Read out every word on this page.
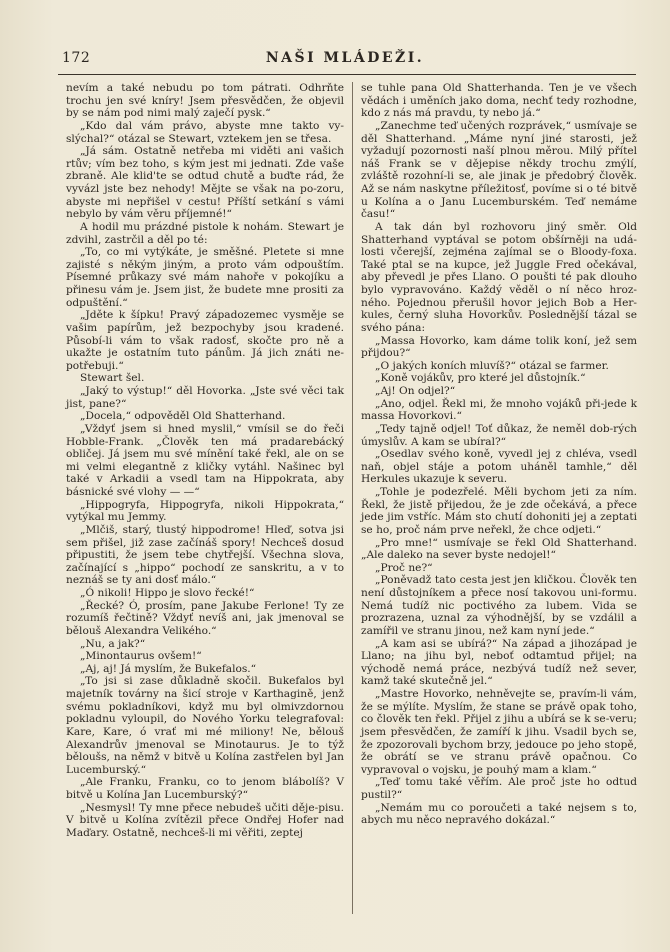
172	NAŠI MLÁDEŽI.

nevím a také nebudu po tom pátrati. Odhrňte trochu jen své kníry! Jsem přesvědčen, že objevil by se nám pod nimi malý zaječí pysk.“

„Kdo dal vám právo, abyste mne takto vy-slýchal?“ otázal se Stewart, vztekem jen se třesa.

„Já sám. Ostatně netřeba mi viděti ani vašich rtův; vím bez toho, s kým jest mi jednati. Zde vaše zbraně. Ale klid'te se odtud chutě a buďte rád, že vyvázl jste bez nehody! Mějte se však na po-zoru, abyste mi nepřišel v cestu! Příští setkání s vámi nebylo by vám věru příjemné!“

A hodil mu prázdné pistole k nohám. Stewart je zdvihl, zastrčil a děl po té:

„To, co mi vytýkáte, je směšné. Pletete si mne zajisté s někým jiným, a proto vám odpouštím. Písemné průkazy své mám nahoře v pokojíku a přinesu vám je. Jsem jist, že budete mne prositi za odpuštění.“

„Jděte k šípku! Pravý západozemec vysměje se vašim papírům, jež bezpochyby jsou kradené. Působí-li vám to však radosť, skočte pro ně a ukažte je ostatním tuto pánům. Já jich znáti ne-potřebuji.“

Stewart šel.

„Jaký to výstup!“ děl Hovorka. „Jste své věci tak jist, pane?“

„Docela,“ odpověděl Old Shatterhand.

„Vždyť jsem si hned myslil,“ vmísil se do řeči Hobble-Frank. „Člověk ten má pradarebácký obličej. Já jsem mu své mínění také řekl, ale on se mi velmi elegantně z kličky vytáhl. Našinec byl také v Arkadii a vsedl tam na Hippokrata, aby básnické své vlohy — —“

„Hippogryfa, Hippogryfa, nikoli Hippokrata,“ vytýkal mu Jemmy.

„Mlčiš, starý, tlustý hippodrome! Hleď, sotva jsi sem přišel, již zase začínáš spory! Nechceš dosud připustiti, že jsem tebe chytřejší. Všechna slova, začínající s „hippo“ pochodí ze sanskritu, a v to neznáš se ty ani dosť málo.“

„Ó nikoli! Hippo je slovo řecké!“

„Řecké? Ó, prosím, pane Jakube Ferlone! Ty ze rozumíš řečtině? Vždyť nevíš ani, jak jmenoval se bělouš Alexandra Velikého.“

„Nu, a jak?“

„Minontaurus ovšem!“

„Aj, aj! Já myslím, že Bukefalos.“

„To jsi si zase důkladně skočil. Bukefalos byl majetník továrny na šicí stroje v Karthagině, jenž svému pokladníkovi, když mu byl olmivzdornou pokladnu vyloupil, do Nového Yorku telegrafoval: Kare, Kare, ó vrať mi mé miliony! Ne, bělouš Alexandrův jmenoval se Minotaurus. Je to týž běloušs, na němž v bitvě u Kolína zastřelen byl Jan Lucemburský.“

„Ale Franku, Franku, co to jenom blábolíš? V bitvě u Kolína Jan Lucemburský?“

„Nesmysl! Ty mne přece nebudeš učiti děje-pisu. V bitvě u Kolína zvítězil přece Ondřej Hofer nad Maďary. Ostatně, nechceš-li mi věřiti, zeptej

se tuhle pana Old Shatterhanda. Ten je ve všech vědách i uměních jako doma, nechť tedy rozhodne, kdo z nás má pravdu, ty nebo já.“

„Zanechme teď učených rozprávek,“ usmívaje se děl Shatterhand. „Máme nyní jiné starosti, jež vyžadují pozornosti naší plnou měrou. Milý přítel náš Frank se v dějepise někdy trochu zmýlí, zvláště rozohní-li se, ale jinak je předobrý člověk. Až se nám naskytne příležitosť, povíme si o té bitvě u Kolína a o Janu Lucemburském. Teď nemáme času!“

A tak dán byl rozhovoru jiný směr. Old Shatterhand vyptával se potom obšírněji na udá-losti včerejší, zejména zajímal se o Bloody-foxa. Také ptal se na kupce, jež Juggle Fred očekával, aby převedl je přes Llano. O poušti té pak dlouho bylo vypravováno. Každý věděl o ní něco hroz-ného. Pojednou přerušil hovor jejich Bob a Her-kules, černý sluha Hovorkův. Poslednější tázal se svého pána:

„Massa Hovorko, kam dáme tolik koní, jež sem přijdou?“

„O jakých koních mluvíš?“ otázal se farmer.

„Koně vojákův, pro které jel důstojník.“

„Aj! On odjel?“

„Ano, odjel. Řekl mi, že mnoho vojáků při-jede k massa Hovorkovi.“

„Tedy tajně odjel! Toť důkaz, že neměl dob-rých úmyslův. A kam se ubíral?“

„Osedlav svého koně, vyvedl jej z chléva, vsedl naň, objel stáje a potom uháněl tamhle,“ děl Herkules ukazuje k severu.

„Tohle je podezřelé. Měli bychom jeti za ním. Řekl, že jistě přijedou, že je zde očekává, a přece jede jim vstříc. Mám sto chutí dohoniti jej a zeptati se ho, proč nám prve neřekl, že chce odjeti.“

„Pro mne!“ usmívaje se řekl Old Shatterhand. „Ale daleko na sever byste nedojel!“

„Proč ne?“

„Poněvadž tato cesta jest jen kličkou. Člověk ten není důstojníkem a přece nosí takovou uni-formu. Nemá tudíž nic poctivého za lubem. Vida se prozrazena, uznal za výhodnější, by se vzdálil a zamířil ve stranu jinou, než kam nyní jede.“

„A kam asi se ubírá?“ Na západ a jihozápad je Llano; na jihu byl, neboť odtamtud přijel; na východě nemá práce, nezbývá tudíž než sever, kamž také skutečně jel.“

„Mastre Hovorko, nehněvejte se, pravím-li vám, že se mýlíte. Myslím, že stane se právě opak toho, co člověk ten řekl. Přijel z jihu a ubírá se k se-veru; jsem přesvědčen, že zamíří k jihu. Vsadil bych se, že zpozorovali bychom brzy, jedouce po jeho stopě, že obrátí se ve stranu právě opačnou. Co vypravoval o vojsku, je pouhý mam a klam.“

„Teď tomu také věřím. Ale proč jste ho odtud pustil?“

„Nemám mu co poroučeti a také nejsem s to, abych mu něco nepravého dokázal.“
